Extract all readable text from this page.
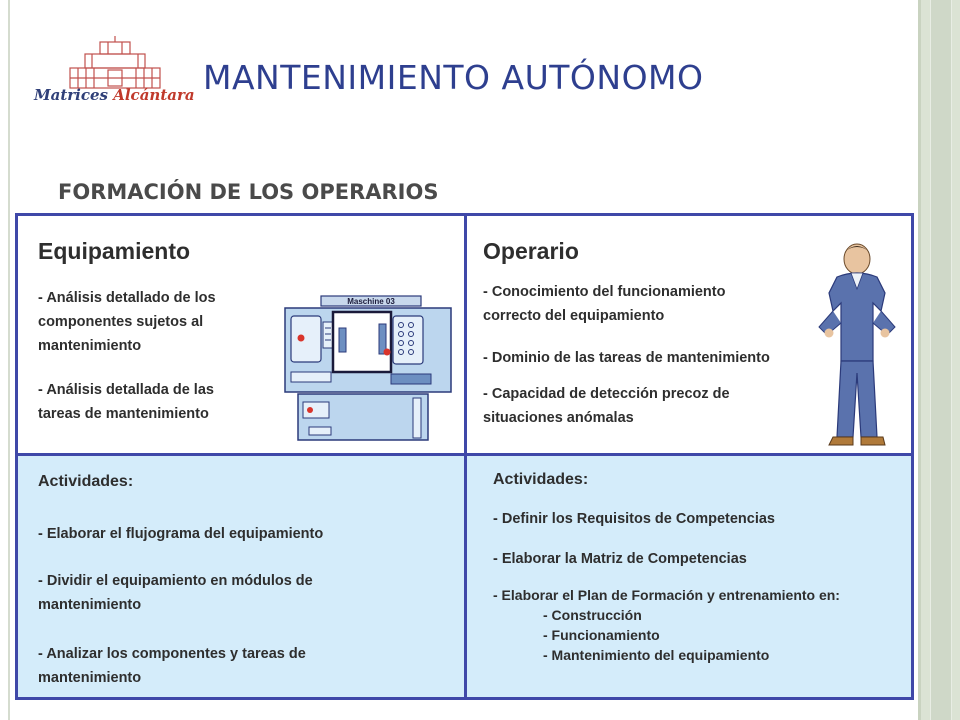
Matrices Alcántara MANTENIMIENTO AUTÓNOMO
FORMACIÓN DE LOS OPERARIOS
Equipamiento
- Análisis detallado de los
componentes sujetos al
mantenimiento
- Análisis detallada de las
tareas de mantenimiento
Maschine 03
Operario
- Conocimiento del funcionamiento
correcto del equipamiento
- Dominio de las tareas de mantenimiento
- Capacidad de detección precoz de
situaciones anómalas
Actividades:
- Elaborar el flujograma del equipamiento
- Dividir el equipamiento en módulos de
mantenimiento
- Analizar los componentes y tareas de
mantenimiento
Actividades:
- Definir los Requisitos de Competencias
- Elaborar la Matriz de Competencias
- Elaborar el Plan de Formación y entrenamiento en:
- Construcción
- Funcionamiento
- Mantenimiento del equipamiento
